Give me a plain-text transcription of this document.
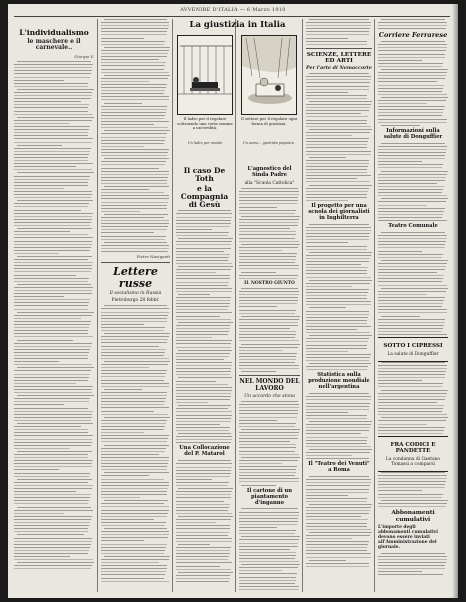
AVVENIRE D'ITALIA — 6 Marzo 1910
L'individualismo
le maschere e il carnevale..
Giorgio V.
Pietro Naviganti
Lettere russe
Il socialismo in Russia
Pietroburgo 28 febbr.
La giustizia in Italia
Il ladro per il regolare sottraendo una certa somma a un'eredità.
Il settore per il regolare ogni forma di giustizia.
Un ladro per mondo	Un uomo... gastrista popolare.
Il caso De Toth
e la Compagnia di Gesù
Una Collocazione del P. Matarol
L'agnostico del Sinda Padre
alla "Scuola Cattolica"
IL NOSTRO GIUNTO
NEL MONDO DEL LAVORO
Un accordo che stona
Il cartone di un piantamento d'inganno
SCIENZE, LETTERE ED ARTI
Per l'arte di Nemaccorte
Il progetto per una scuola dei giornalisti in Inghilterra
Statistica sulla produzione mondiale nell'argentina
Il "Teatro dei Venuti" a Roma
Corriere Ferrarese
Informazioni sulla salute di Donguffier
Teatro Comunale
SOTTO I CIPRESSI
La salute di Donguffier
FRA CODICI E PANDETTE
La condanna di Gaetano Tomassi a comparsi
Abbonamenti cumulativi
L'importe degli abbonamenti cumulativi devono essere inviati all'Amministrazione del giornale.
